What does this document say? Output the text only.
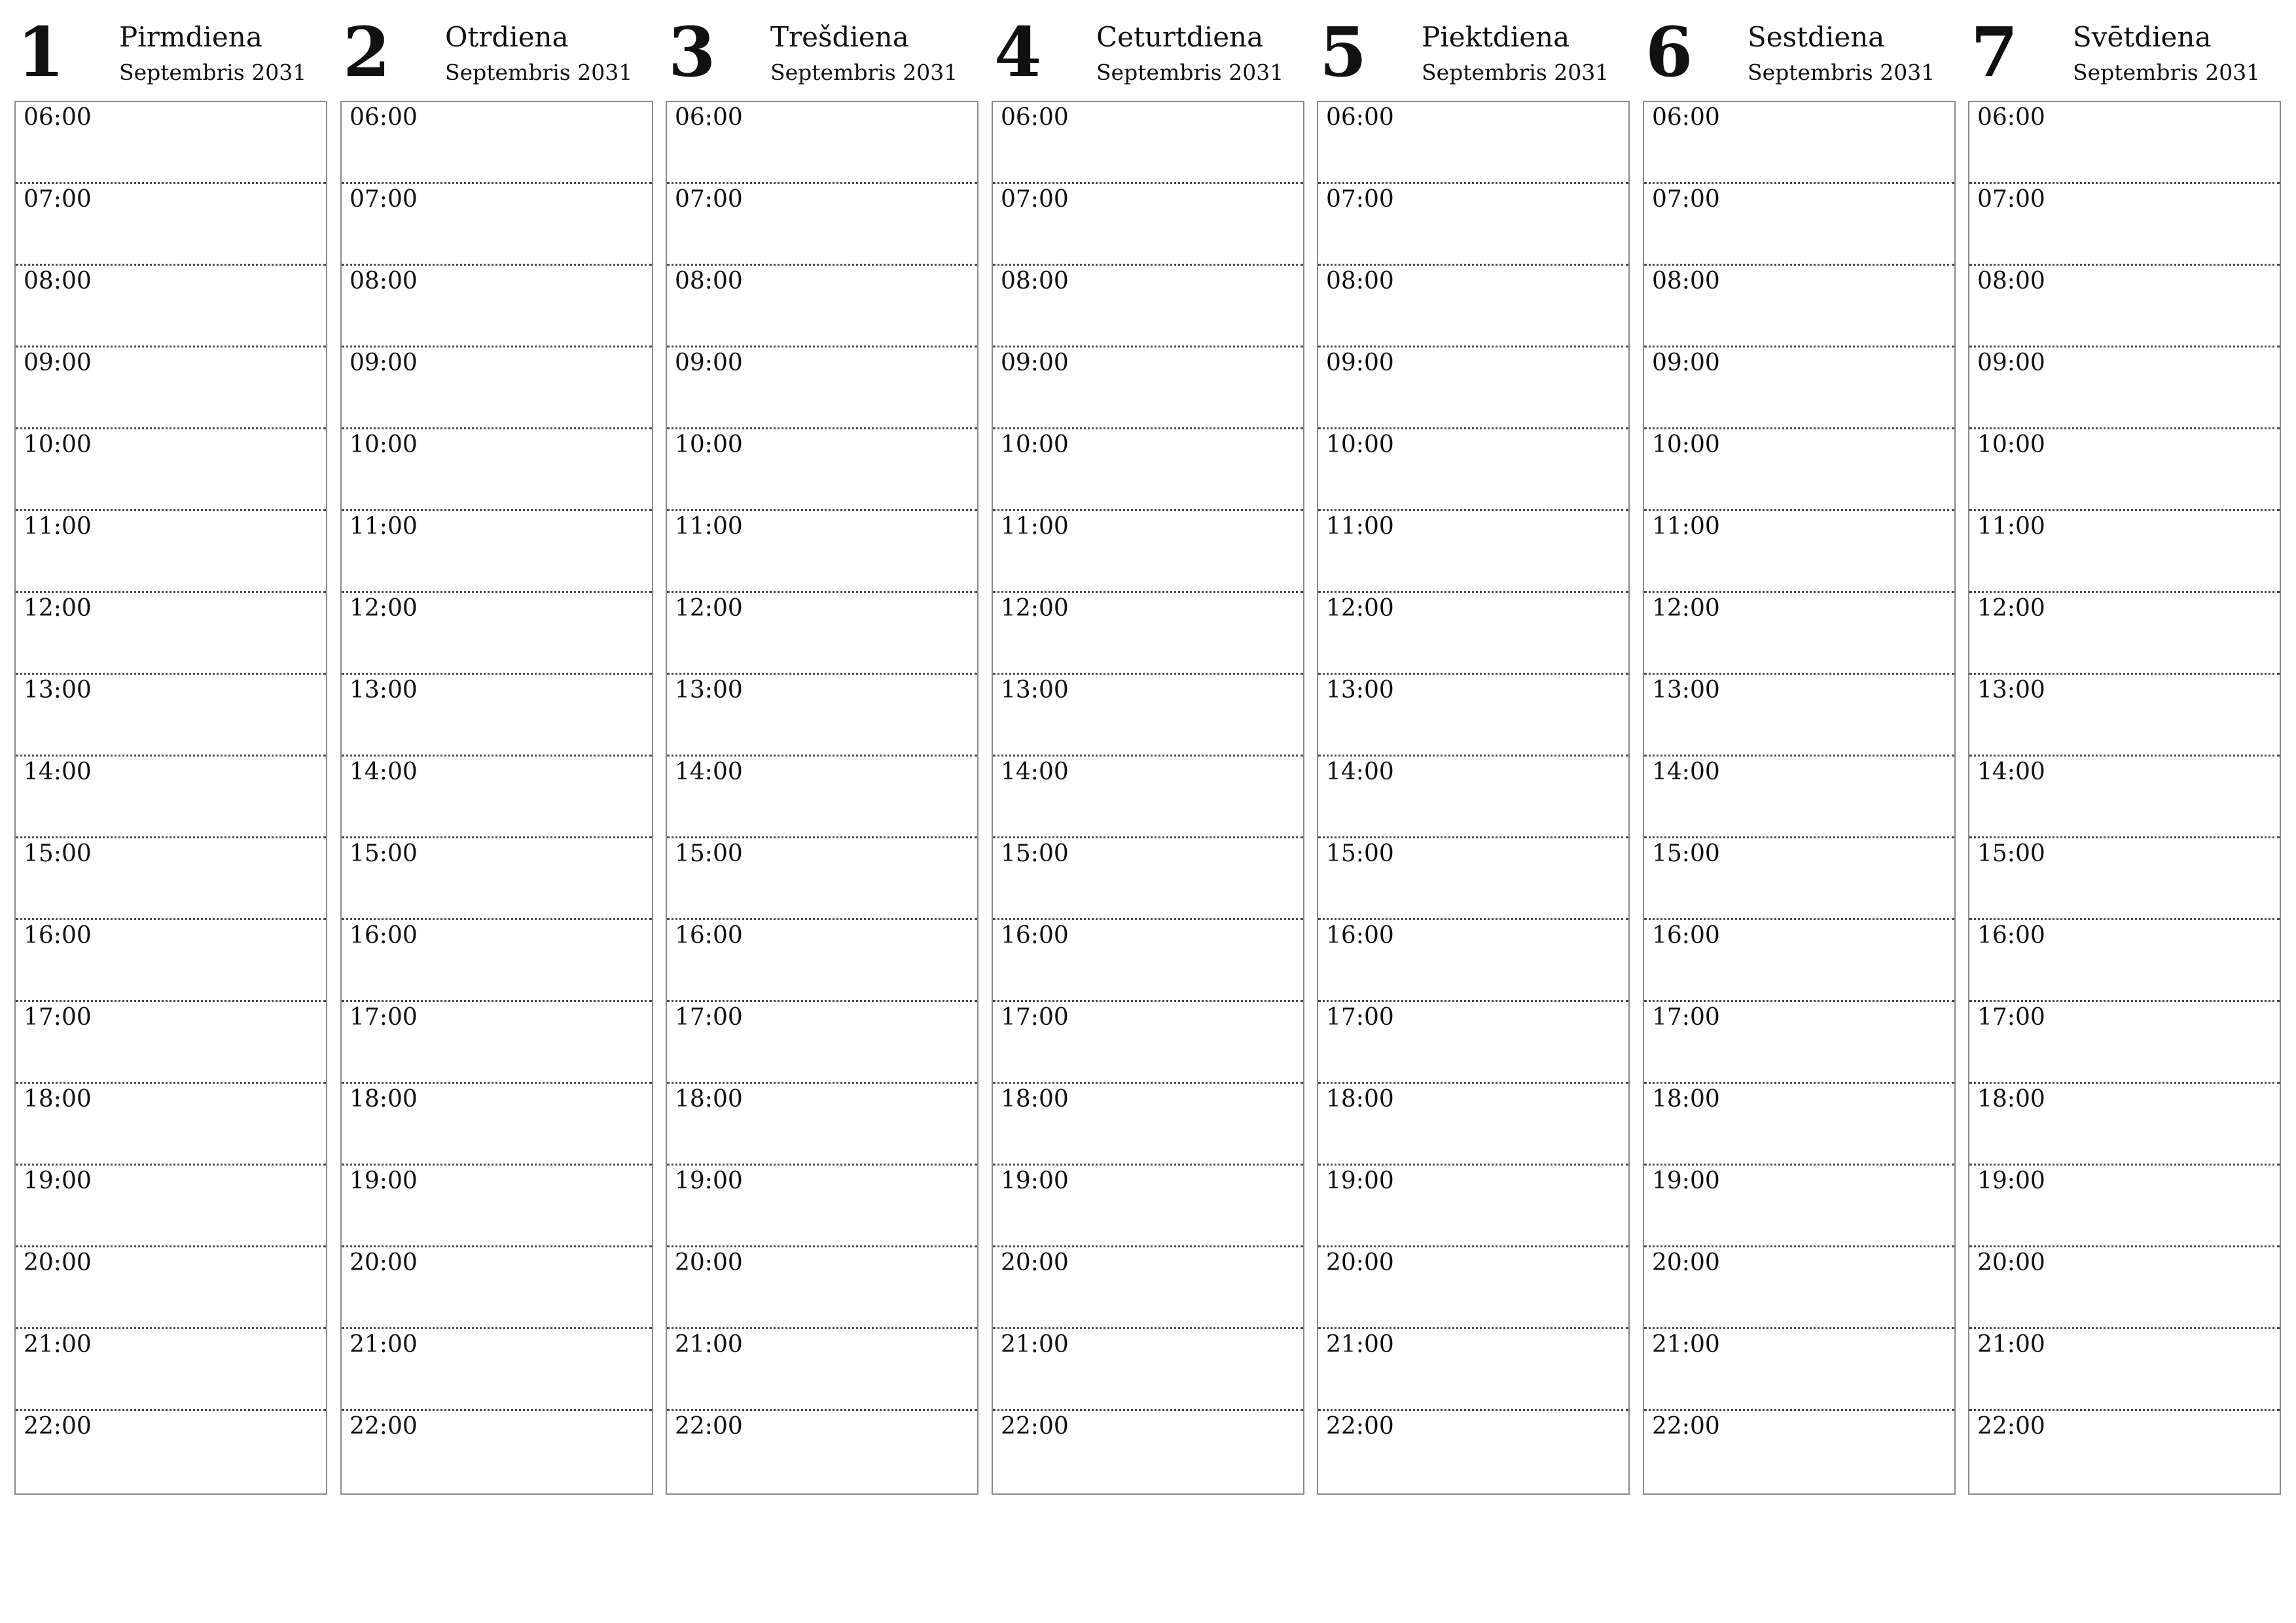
1 Pirmdiena
Septembris 2031
06:00
07:00
08:00
09:00
10:00
11:00
12:00
13:00
14:00
15:00
16:00
17:00
18:00
19:00
20:00
21:00
22:00
2 Otrdiena
Septembris 2031
06:00
07:00
08:00
09:00
10:00
11:00
12:00
13:00
14:00
15:00
16:00
17:00
18:00
19:00
20:00
21:00
22:00
3 Trešdiena
Septembris 2031
06:00
07:00
08:00
09:00
10:00
11:00
12:00
13:00
14:00
15:00
16:00
17:00
18:00
19:00
20:00
21:00
22:00
4 Ceturtdiena
Septembris 2031
06:00
07:00
08:00
09:00
10:00
11:00
12:00
13:00
14:00
15:00
16:00
17:00
18:00
19:00
20:00
21:00
22:00
5 Piektdiena
Septembris 2031
06:00
07:00
08:00
09:00
10:00
11:00
12:00
13:00
14:00
15:00
16:00
17:00
18:00
19:00
20:00
21:00
22:00
6 Sestdiena
Septembris 2031
06:00
07:00
08:00
09:00
10:00
11:00
12:00
13:00
14:00
15:00
16:00
17:00
18:00
19:00
20:00
21:00
22:00
7 Svētdiena
Septembris 2031
06:00
07:00
08:00
09:00
10:00
11:00
12:00
13:00
14:00
15:00
16:00
17:00
18:00
19:00
20:00
21:00
22:00
